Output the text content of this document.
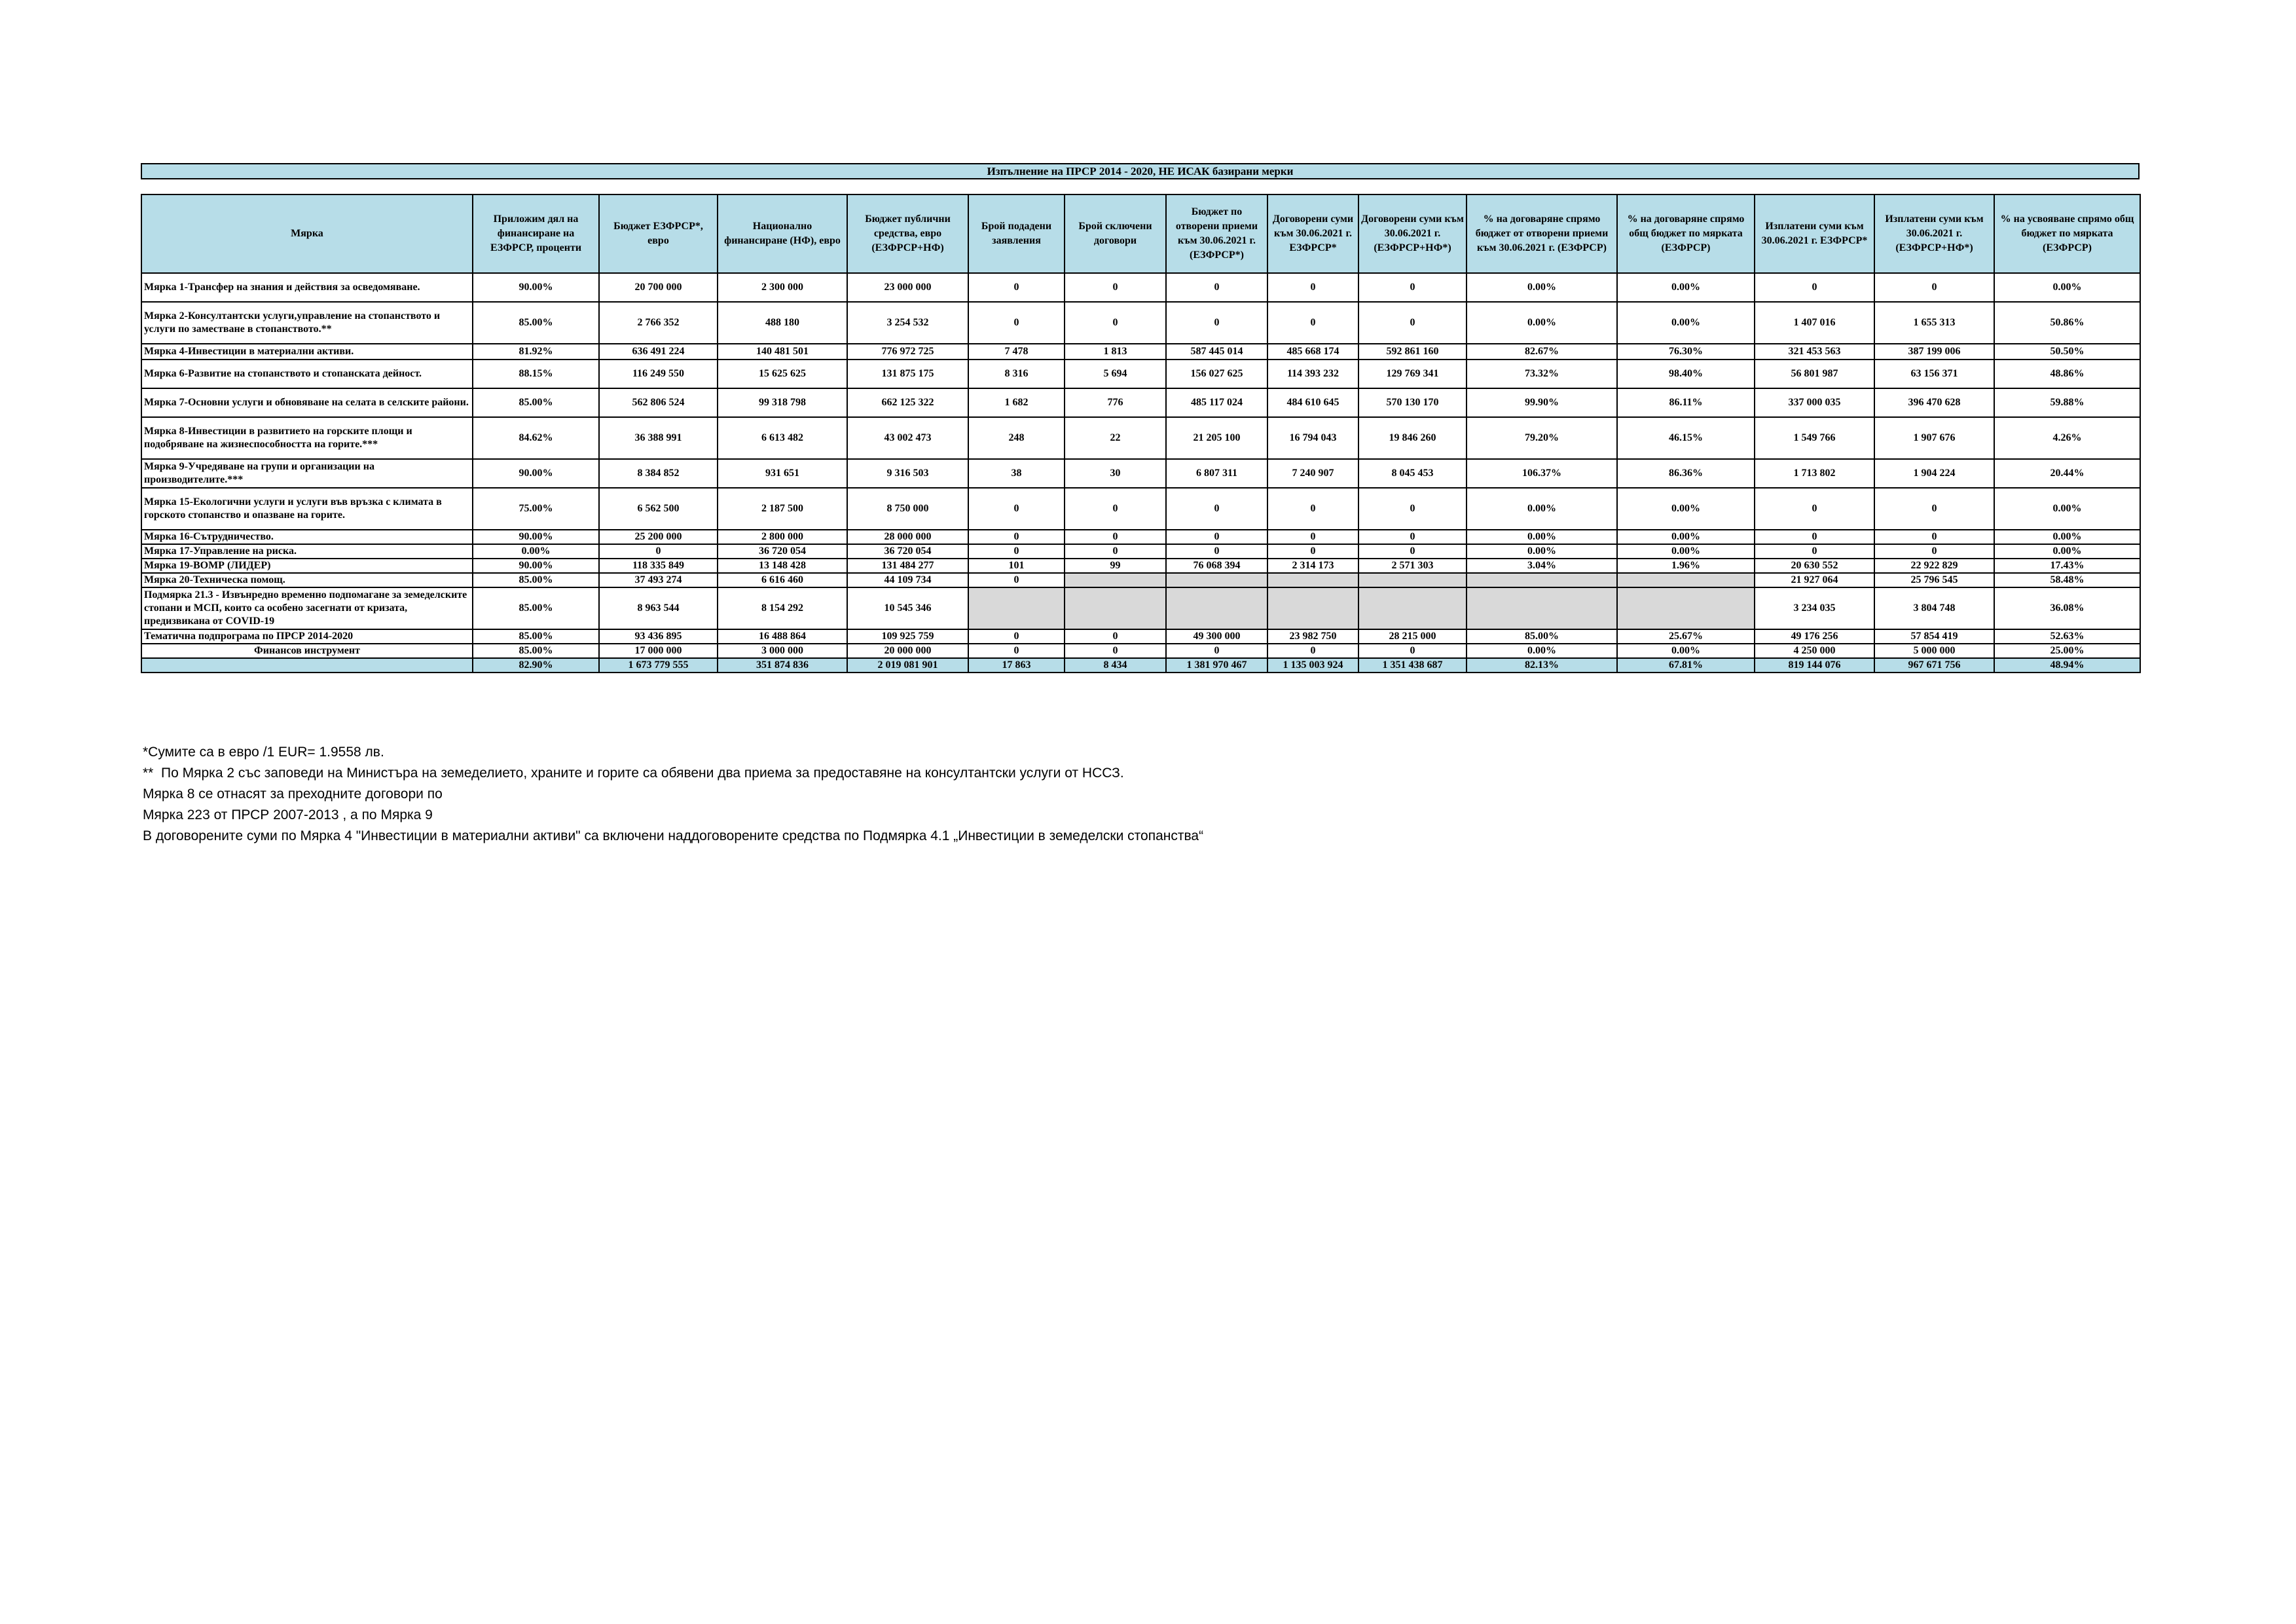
Изпълнение на ПРСР 2014 - 2020, НЕ ИСАК базирани мерки
Мярка	Приложим дял на финансиране на ЕЗФРСР, проценти	Бюджет ЕЗФРСР*, евро	Национално финансиране (НФ), евро	Бюджет публични средства, евро (ЕЗФРСР+НФ)	Брой подадени заявления	Брой сключени договори	Бюджет по отворени приеми към 30.06.2021 г. (ЕЗФРСР*)	Договорени суми към 30.06.2021 г. ЕЗФРСР*	Договорени суми към 30.06.2021 г. (ЕЗФРСР+НФ*)	% на договаряне спрямо бюджет от отворени приеми към 30.06.2021 г. (ЕЗФРСР)	% на договаряне спрямо общ бюджет по мярката (ЕЗФРСР)	Изплатени суми към 30.06.2021 г. ЕЗФРСР*	Изплатени суми към 30.06.2021 г. (ЕЗФРСР+НФ*)	% на усвояване спрямо общ бюджет по мярката (ЕЗФРСР)
Мярка 1-Трансфер на знания и действия за осведомяване.	90.00%	20 700 000	2 300 000	23 000 000	0	0	0	0	0	0.00%	0.00%	0	0	0.00%
Мярка 2-Консултантски услуги,управление на стопанството и услуги по заместване в стопанството.**	85.00%	2 766 352	488 180	3 254 532	0	0	0	0	0	0.00%	0.00%	1 407 016	1 655 313	50.86%
Мярка 4-Инвестиции в материални активи.	81.92%	636 491 224	140 481 501	776 972 725	7 478	1 813	587 445 014	485 668 174	592 861 160	82.67%	76.30%	321 453 563	387 199 006	50.50%
Мярка 6-Развитие на стопанството и стопанската дейност.	88.15%	116 249 550	15 625 625	131 875 175	8 316	5 694	156 027 625	114 393 232	129 769 341	73.32%	98.40%	56 801 987	63 156 371	48.86%
Мярка 7-Основни услуги и обновяване на селата в селските райони.	85.00%	562 806 524	99 318 798	662 125 322	1 682	776	485 117 024	484 610 645	570 130 170	99.90%	86.11%	337 000 035	396 470 628	59.88%
Мярка 8-Инвестиции в развитието на горските площи и подобряване на жизнеспособността на горите.***	84.62%	36 388 991	6 613 482	43 002 473	248	22	21 205 100	16 794 043	19 846 260	79.20%	46.15%	1 549 766	1 907 676	4.26%
Мярка 9-Учредяване на групи и организации на производителите.***	90.00%	8 384 852	931 651	9 316 503	38	30	6 807 311	7 240 907	8 045 453	106.37%	86.36%	1 713 802	1 904 224	20.44%
Мярка 15-Екологични услуги и услуги във връзка с климата в горското стопанство и опазване на горите.	75.00%	6 562 500	2 187 500	8 750 000	0	0	0	0	0	0.00%	0.00%	0	0	0.00%
Мярка 16-Сътрудничество.	90.00%	25 200 000	2 800 000	28 000 000	0	0	0	0	0	0.00%	0.00%	0	0	0.00%
Мярка 17-Управление на риска.	0.00%	0	36 720 054	36 720 054	0	0	0	0	0	0.00%	0.00%	0	0	0.00%
Мярка 19-ВОМР (ЛИДЕР)	90.00%	118 335 849	13 148 428	131 484 277	101	99	76 068 394	2 314 173	2 571 303	3.04%	1.96%	20 630 552	22 922 829	17.43%
Мярка 20-Техническа помощ.	85.00%	37 493 274	6 616 460	44 109 734	0							21 927 064	25 796 545	58.48%
Подмярка 21.3 - Извънредно временно подпомагане за земеделските стопани и МСП, които са особено засегнати от кризата, предизвикана от COVID-19	85.00%	8 963 544	8 154 292	10 545 346								3 234 035	3 804 748	36.08%
Тематична подпрограма по ПРСР 2014-2020	85.00%	93 436 895	16 488 864	109 925 759	0	0	49 300 000	23 982 750	28 215 000	85.00%	25.67%	49 176 256	57 854 419	52.63%
Финансов инструмент	85.00%	17 000 000	3 000 000	20 000 000	0	0	0	0	0	0.00%	0.00%	4 250 000	5 000 000	25.00%
	82.90%	1 673 779 555	351 874 836	2 019 081 901	17 863	8 434	1 381 970 467	1 135 003 924	1 351 438 687	82.13%	67.81%	819 144 076	967 671 756	48.94%
*Сумите са в евро /1 EUR= 1.9558 лв.
**  По Мярка 2 със заповеди на Министъра на земеделието, храните и горите са обявени два приема за предоставяне на консултантски услуги от НССЗ.
Мярка 8 се отнасят за преходните договори по
Мярка 223 от ПРСР 2007-2013 , а по Мярка 9
В договорените суми по Мярка 4 "Инвестиции в материални активи" са включени наддоговорените средства по Подмярка 4.1 „Инвестиции в земеделски стопанства“
